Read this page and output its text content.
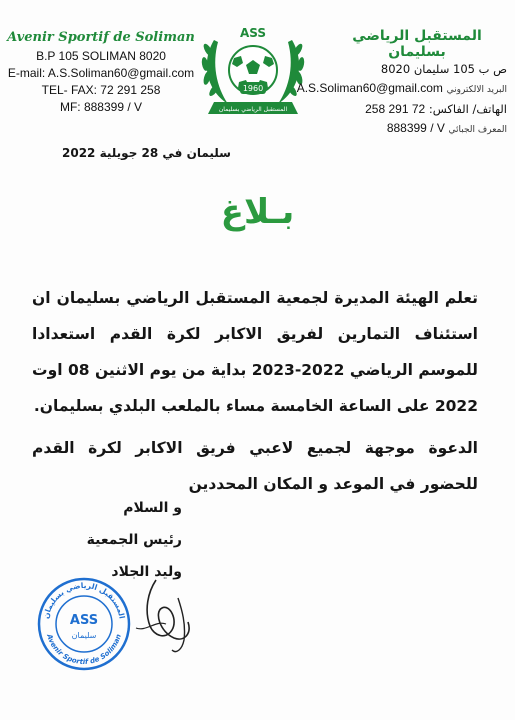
Avenir Sportif de Soliman
B.P 105 SOLIMAN 8020
E-mail: A.S.Soliman60@gmail.com
TEL- FAX: 72 291 258
MF: 888399 / V
ASS
1960
المستقبل الرياضي بسليمان
المستقبل الرياضي بسليمان
ص ب 105 سليمان 8020
البريد الالكتروني A.S.Soliman60@gmail.com
الهاتف/ الفاكس: 258 291 72
المعرف الجبائي 888399 / V
سليمان في 28 جويلية 2022
بـلاغ

تعلم الهيئة المديرة لجمعية المستقبل الرياضي بسليمان ان استئناف التمارين لفريق الاكابر لكرة القدم استعدادا للموسم الرياضي 2022-2023 بداية من يوم الاثنين 08 اوت 2022 على الساعة الخامسة مساء بالملعب البلدي بسليمان.

الدعوة موجهة لجميع لاعبي فريق الاكابر لكرة القدم للحضور في الموعد و المكان المحددين

و السلام
رئيس الجمعية
وليد الجلاد
المستقبل الرياضي بسليمان
Avenir Sportif de Soliman
ASS
سليمان
